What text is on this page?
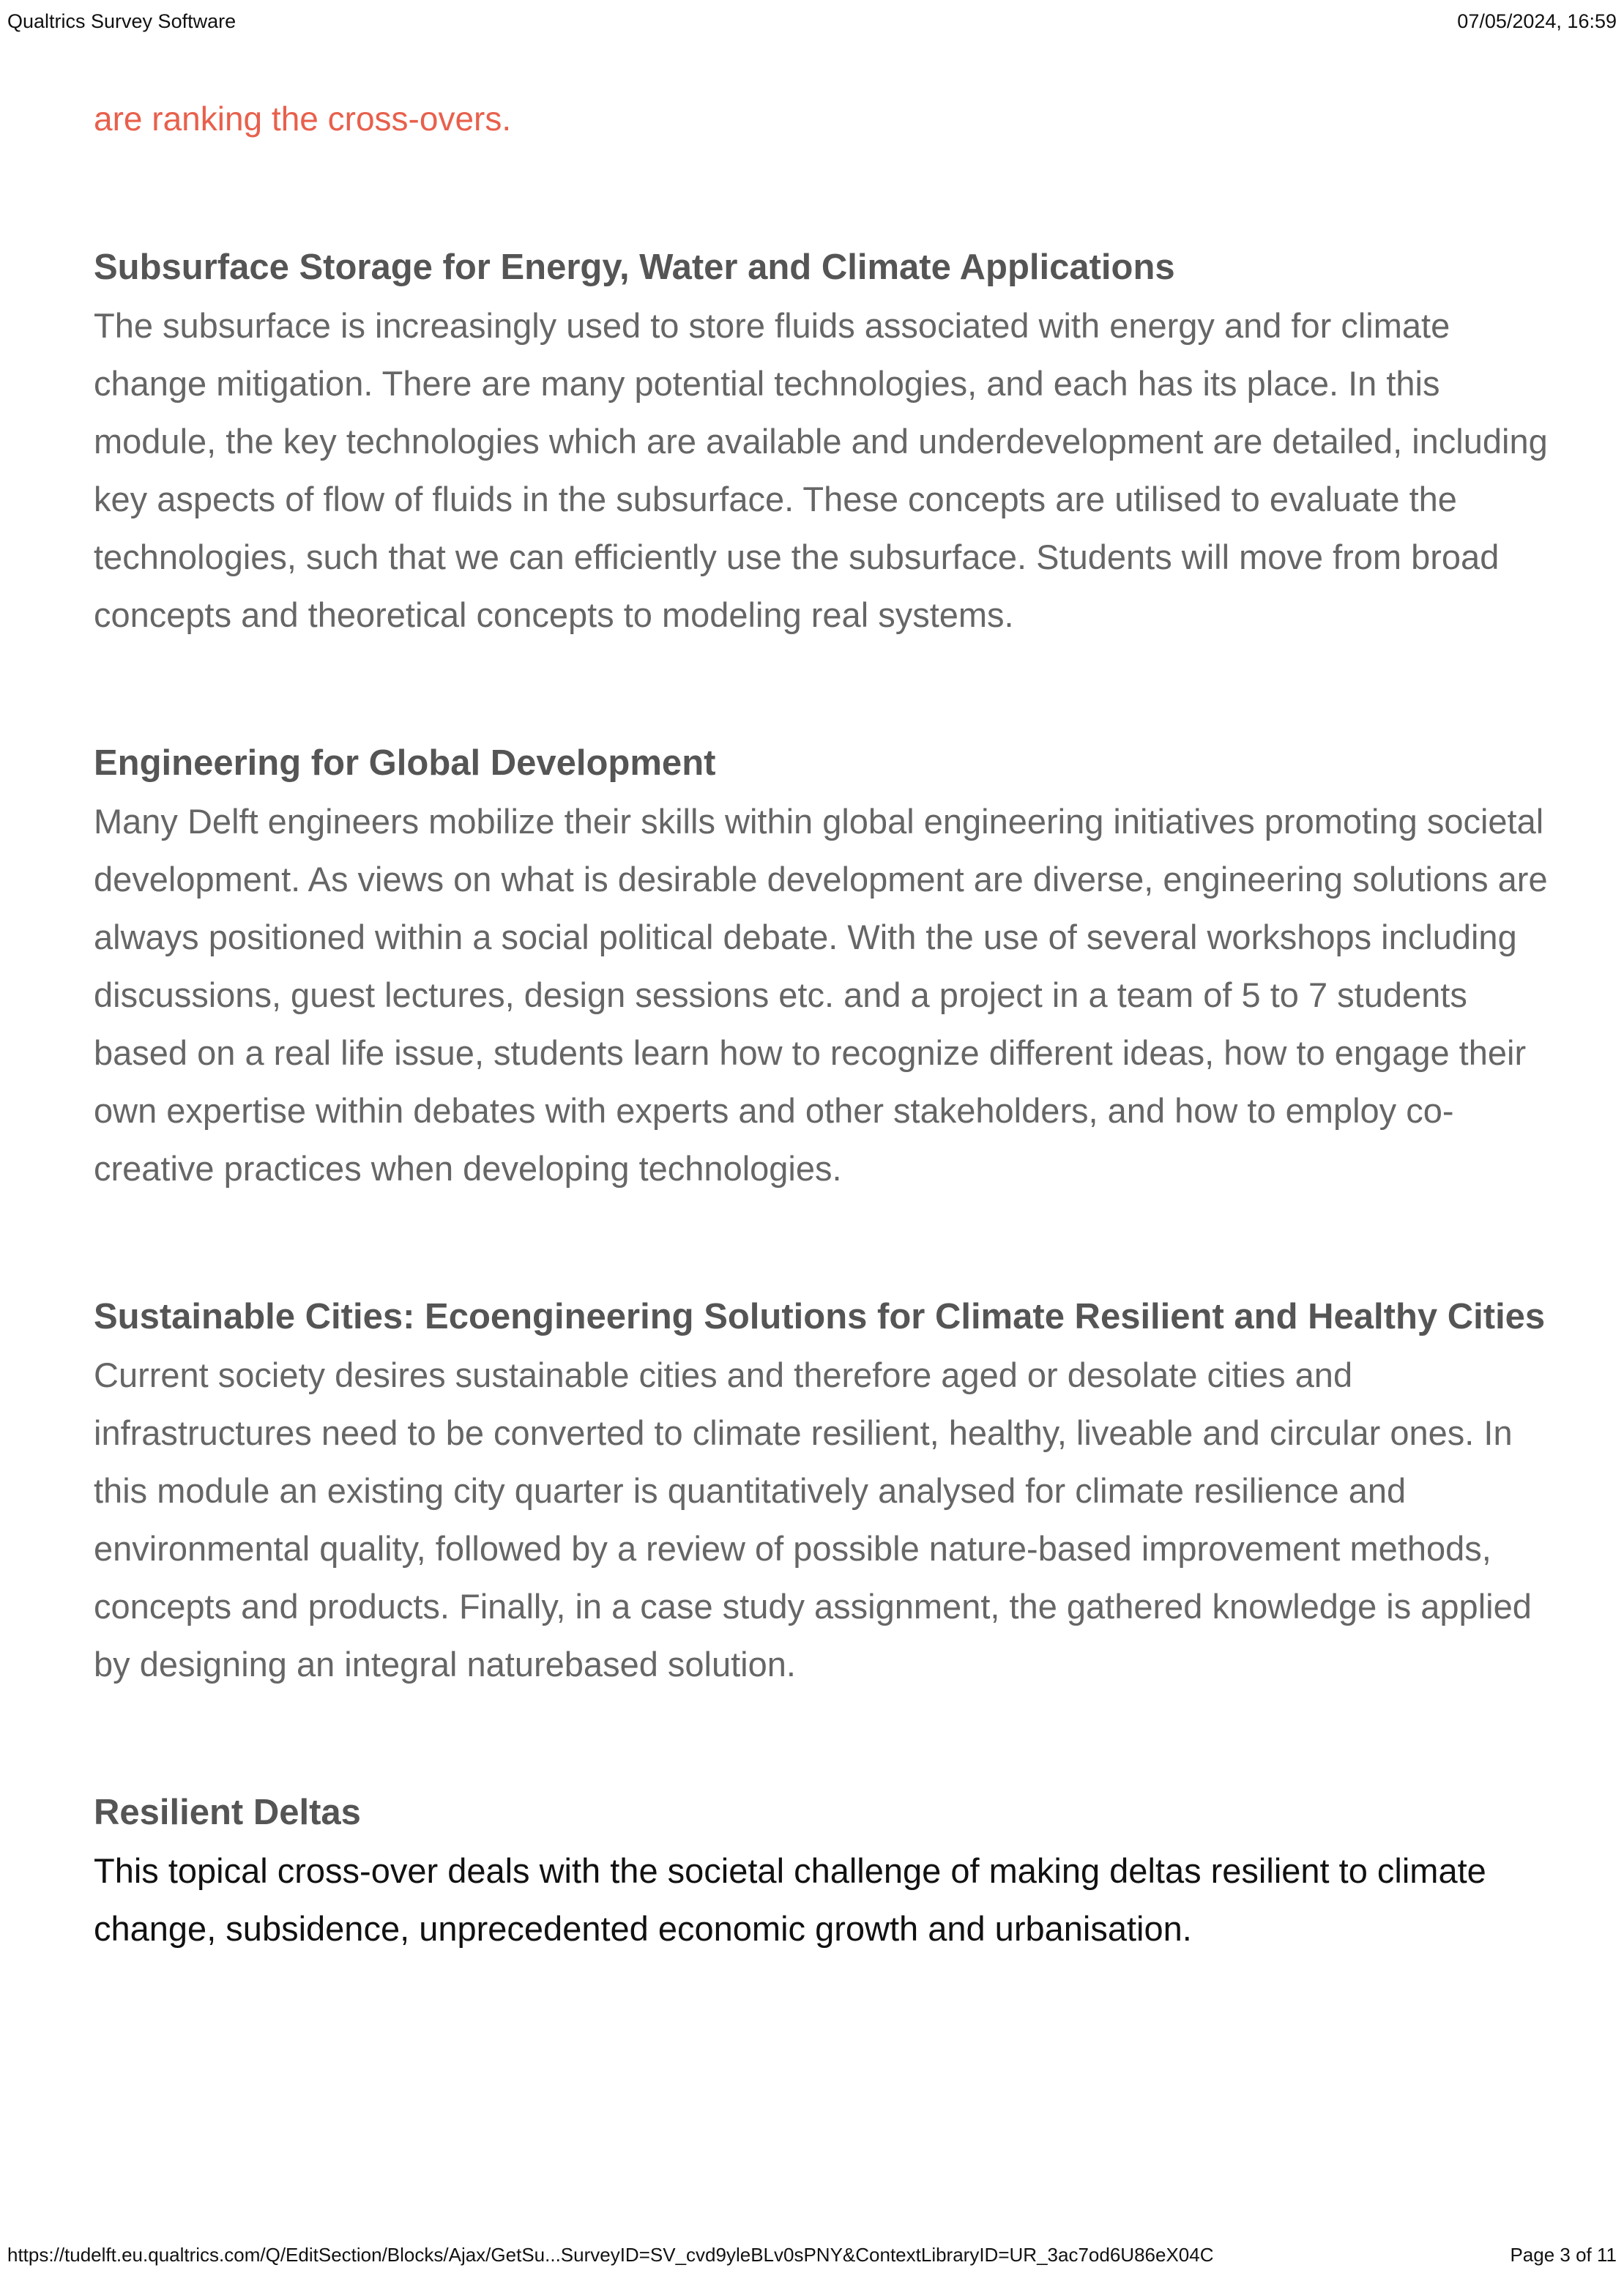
Qualtrics Survey Software	07/05/2024, 16:59

are ranking the cross-overs.

Subsurface Storage for Energy, Water and Climate Applications

The subsurface is increasingly used to store fluids associated with energy and for climate change mitigation. There are many potential technologies, and each has its place. In this module, the key technologies which are available and underdevelopment are detailed, including key aspects of flow of fluids in the subsurface. These concepts are utilised to evaluate the technologies, such that we can efficiently use the subsurface. Students will move from broad concepts and theoretical concepts to modeling real systems.

Engineering for Global Development

Many Delft engineers mobilize their skills within global engineering initiatives promoting societal development. As views on what is desirable development are diverse, engineering solutions are always positioned within a social political debate. With the use of several workshops including discussions, guest lectures, design sessions etc. and a project in a team of 5 to 7 students based on a real life issue, students learn how to recognize different ideas, how to engage their own expertise within debates with experts and other stakeholders, and how to employ co-creative practices when developing technologies.

Sustainable Cities: Ecoengineering Solutions for Climate Resilient and Healthy Cities

Current society desires sustainable cities and therefore aged or desolate cities and infrastructures need to be converted to climate resilient, healthy, liveable and circular ones. In this module an existing city quarter is quantitatively analysed for climate resilience and environmental quality, followed by a review of possible nature-based improvement methods, concepts and products. Finally, in a case study assignment, the gathered knowledge is applied by designing an integral naturebased solution.

Resilient Deltas

This topical cross-over deals with the societal challenge of making deltas resilient to climate change, subsidence, unprecedented economic growth and urbanisation.

https://tudelft.eu.qualtrics.com/Q/EditSection/Blocks/Ajax/GetSu...SurveyID=SV_cvd9yleBLv0sPNY&ContextLibraryID=UR_3ac7od6U86eX04C	Page 3 of 11
